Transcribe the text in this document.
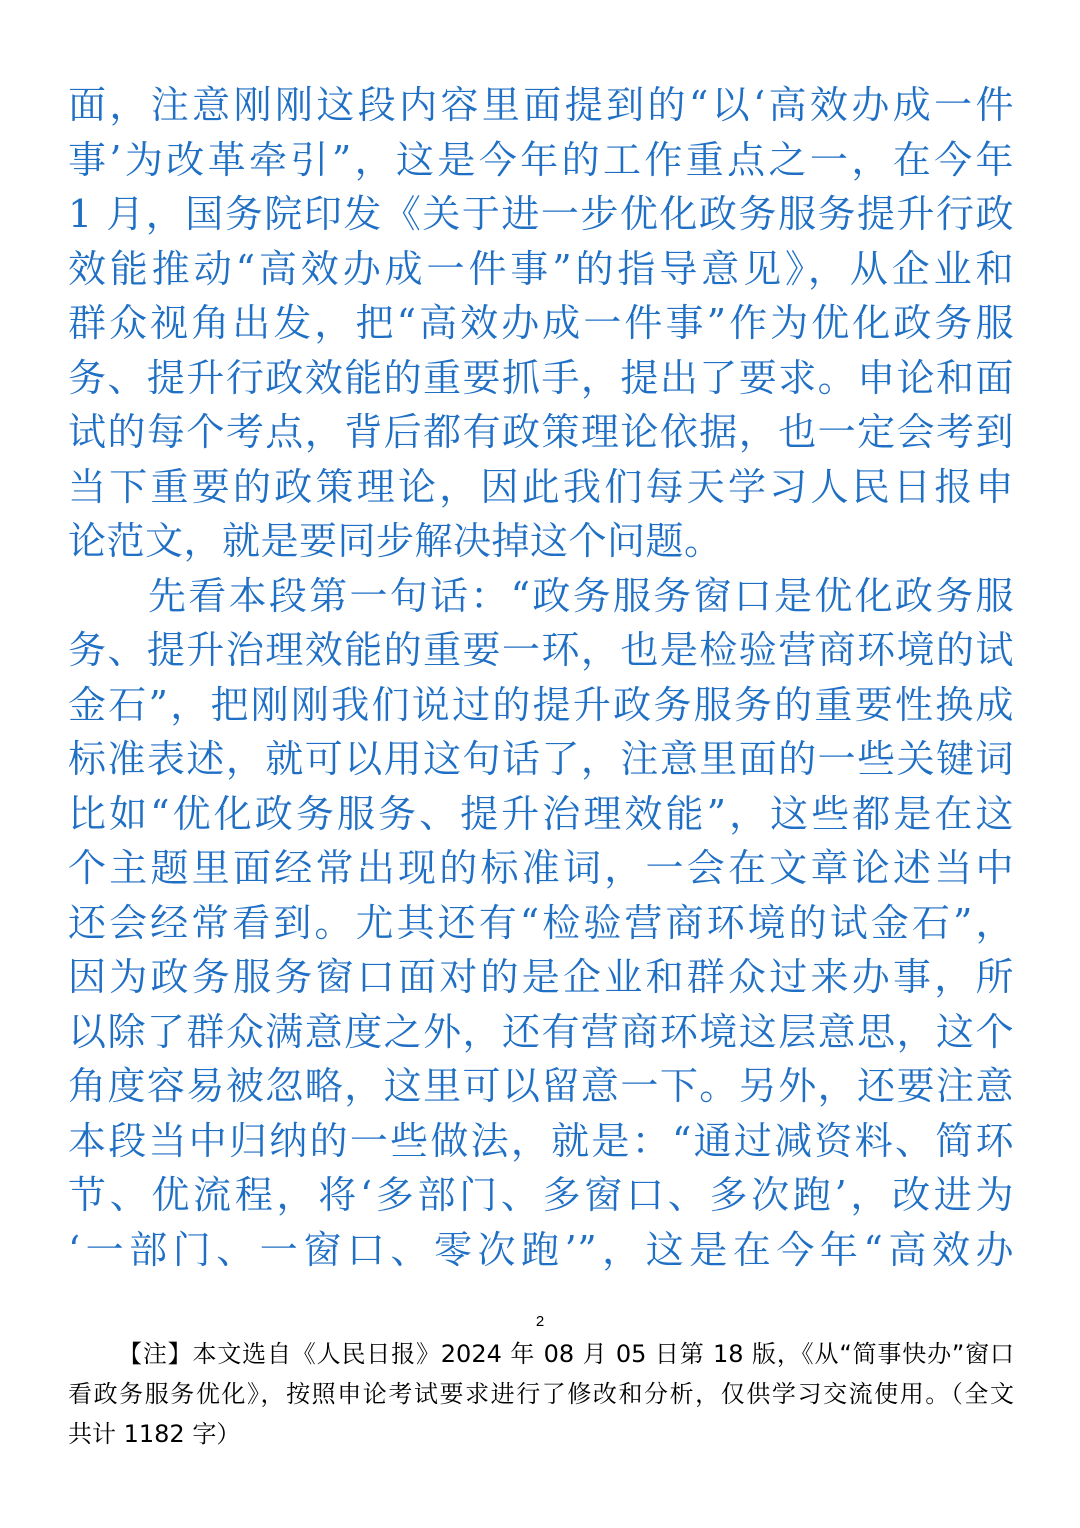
面，注意刚刚这段内容里面提到的“以‘高效办成一件
事’为改革牵引”，这是今年的工作重点之一，在今年
1 月，国务院印发《关于进一步优化政务服务提升行政
效能推动“高效办成一件事”的指导意见》，从企业和
群众视角出发，把“高效办成一件事”作为优化政务服
务、提升行政效能的重要抓手，提出了要求。申论和面
试的每个考点，背后都有政策理论依据，也一定会考到
当下重要的政策理论，因此我们每天学习人民日报申
论范文，就是要同步解决掉这个问题。
先看本段第一句话：“政务服务窗口是优化政务服
务、提升治理效能的重要一环，也是检验营商环境的试
金石”，把刚刚我们说过的提升政务服务的重要性换成
标准表述，就可以用这句话了，注意里面的一些关键词
比如“优化政务服务、提升治理效能”，这些都是在这
个主题里面经常出现的标准词，一会在文章论述当中
还会经常看到。尤其还有“检验营商环境的试金石”，
因为政务服务窗口面对的是企业和群众过来办事，所
以除了群众满意度之外，还有营商环境这层意思，这个
角度容易被忽略，这里可以留意一下。另外，还要注意
本段当中归纳的一些做法，就是：“通过减资料、简环
节、优流程，将‘多部门、多窗口、多次跑’，改进为
‘一部门、一窗口、零次跑’”，这是在今年“高效办
2
【注】本文选自《人民日报》2024 年 08 月 05 日第 18 版，《从“简事快办”窗口
看政务服务优化》，按照申论考试要求进行了修改和分析，仅供学习交流使用。（全文
共计 1182 字）
